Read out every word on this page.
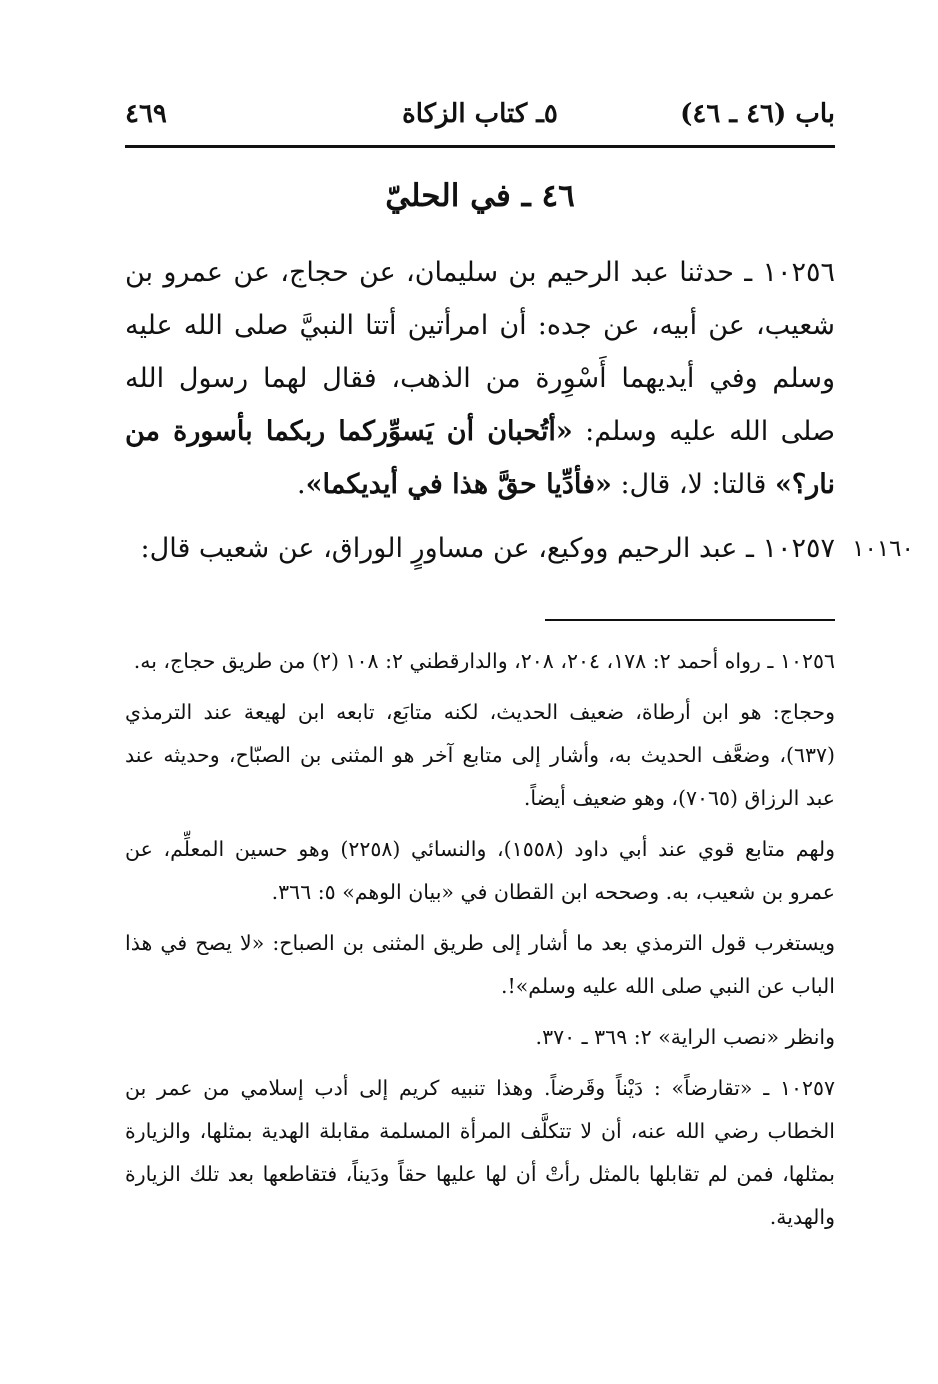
باب (٤٦ ـ ٤٦)
٥ـ كتاب الزكاة
٤٦٩
٤٦ ـ في الحليّ

١٠٢٥٦ ـ حدثنا عبد الرحيم بن سليمان، عن حجاج، عن عمرو بن شعيب، عن أبيه، عن جده: أن امرأتين أتتا النبيَّ صلى الله عليه وسلم وفي أيديهما أَسْوِرة من الذهب، فقال لهما رسول الله صلى الله عليه وسلم: «أتُحبان أن يَسوِّركما ربكما بأسورة من نار؟» قالتا: لا، قال: «فأدِّيا حقَّ هذا في أيديكما».

١٠٢٥٧ ـ عبد الرحيم ووكيع، عن مساورٍ الوراق، عن شعيب قال: ١٠١٦٠

١٠٢٥٦ ـ رواه أحمد ٢: ١٧٨، ٢٠٤، ٢٠٨، والدارقطني ٢: ١٠٨ (٢) من طريق حجاج، به.

وحجاج: هو ابن أرطاة، ضعيف الحديث، لكنه متابَع، تابعه ابن لهيعة عند الترمذي (٦٣٧)، وضعَّف الحديث به، وأشار إلى متابع آخر هو المثنى بن الصبّاح، وحديثه عند عبد الرزاق (٧٠٦٥)، وهو ضعيف أيضاً.

ولهم متابع قوي عند أبي داود (١٥٥٨)، والنسائي (٢٢٥٨) وهو حسين المعلِّم، عن عمرو بن شعيب، به. وصححه ابن القطان في «بيان الوهم» ٥: ٣٦٦.

ويستغرب قول الترمذي بعد ما أشار إلى طريق المثنى بن الصباح: «لا يصح في هذا الباب عن النبي صلى الله عليه وسلم»!.

وانظر «نصب الراية» ٢: ٣٦٩ ـ ٣٧٠.

١٠٢٥٧ ـ «تقارضاً» : دَيْناً وقَرضاً. وهذا تنبيه كريم إلى أدب إسلامي من عمر بن الخطاب رضي الله عنه، أن لا تتكلَّف المرأة المسلمة مقابلة الهدية بمثلها، والزيارة بمثلها، فمن لم تقابلها بالمثل رأتْ أن لها عليها حقاً ودَيناً، فتقاطعها بعد تلك الزيارة والهدية.
